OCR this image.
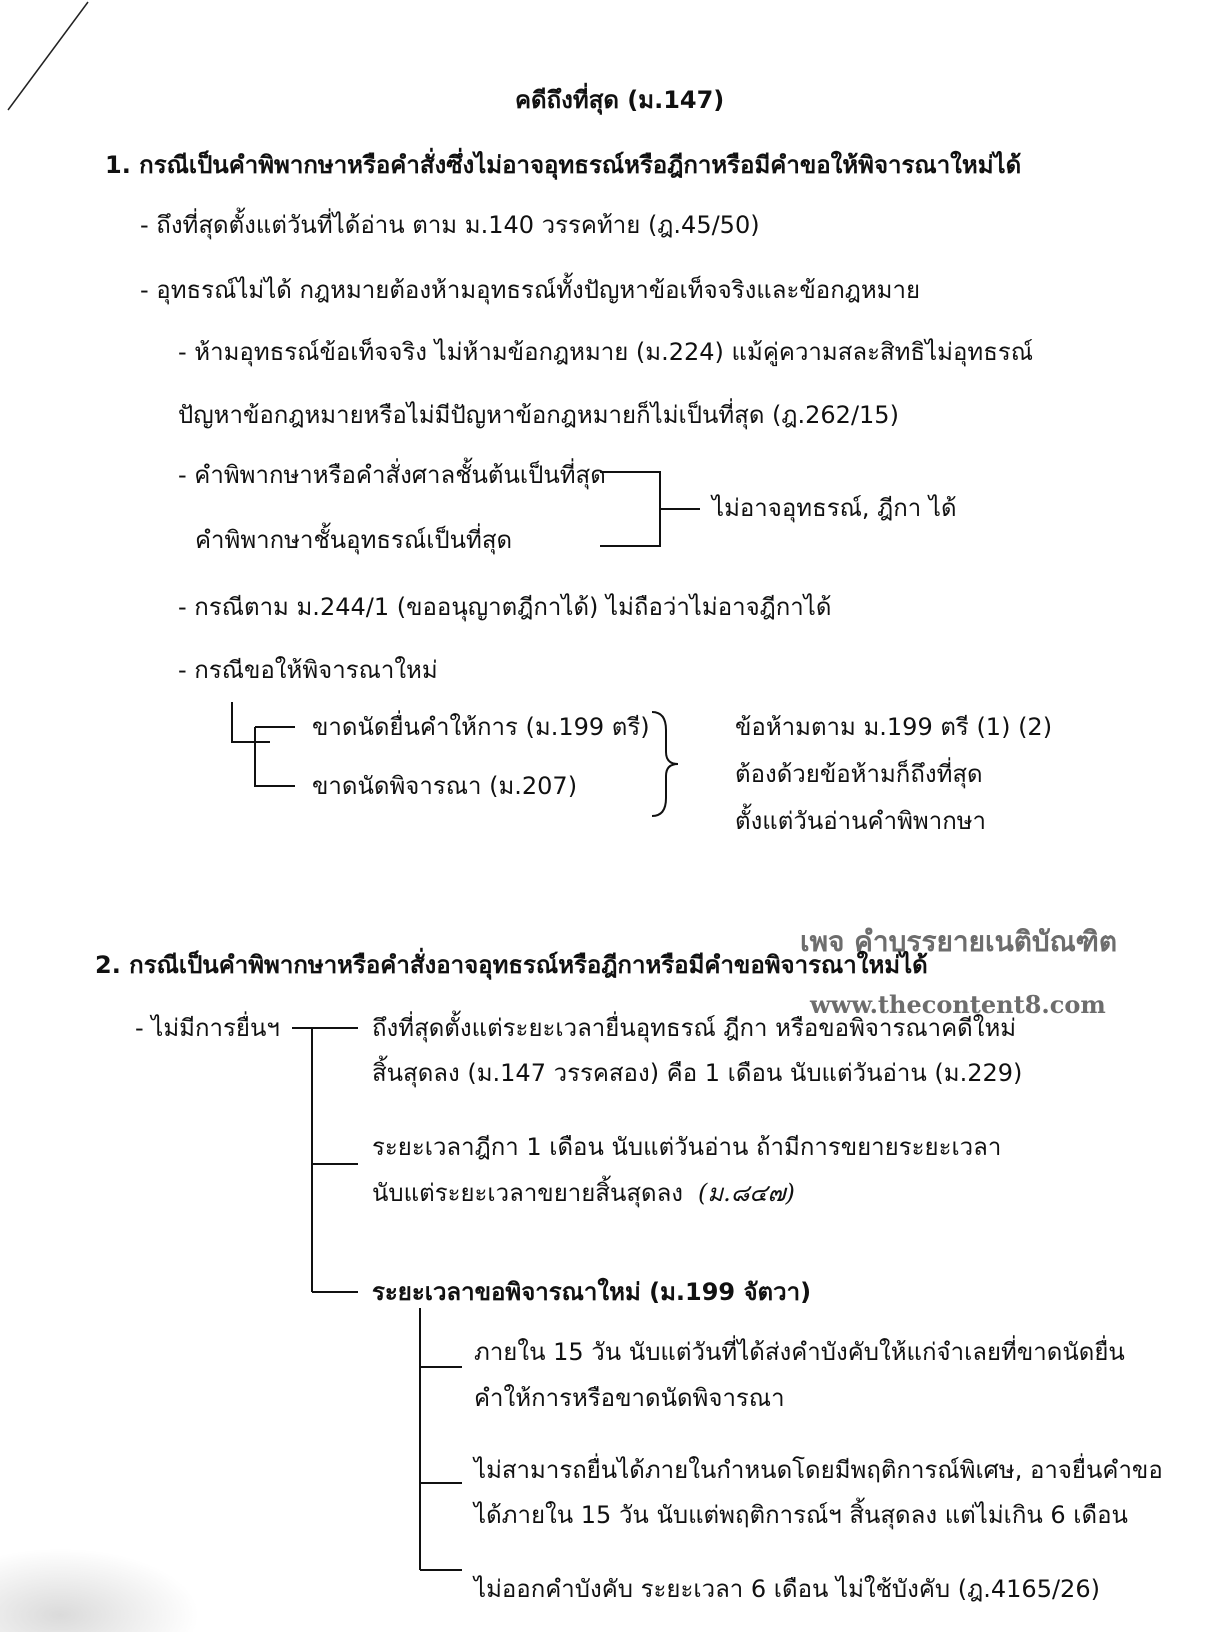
คดีถึงที่สุด (ม.147)
1. กรณีเป็นคำพิพากษาหรือคำสั่งซึ่งไม่อาจอุทธรณ์หรือฎีกาหรือมีคำขอให้พิจารณาใหม่ได้
- ถึงที่สุดตั้งแต่วันที่ได้อ่าน ตาม ม.140 วรรคท้าย (ฎ.45/50)
- อุทธรณ์ไม่ได้ กฎหมายต้องห้ามอุทธรณ์ทั้งปัญหาข้อเท็จจริงและข้อกฎหมาย
- ห้ามอุทธรณ์ข้อเท็จจริง ไม่ห้ามข้อกฎหมาย (ม.224) แม้คู่ความสละสิทธิไม่อุทธรณ์
ปัญหาข้อกฎหมายหรือไม่มีปัญหาข้อกฎหมายก็ไม่เป็นที่สุด (ฎ.262/15)
- คำพิพากษาหรือคำสั่งศาลชั้นต้นเป็นที่สุด
คำพิพากษาชั้นอุทธรณ์เป็นที่สุด
ไม่อาจอุทธรณ์, ฎีกา ได้
- กรณีตาม ม.244/1 (ขออนุญาตฎีกาได้) ไม่ถือว่าไม่อาจฎีกาได้
- กรณีขอให้พิจารณาใหม่
ขาดนัดยื่นคำให้การ (ม.199 ตรี)
ขาดนัดพิจารณา (ม.207)
ข้อห้ามตาม ม.199 ตรี (1) (2)
ต้องด้วยข้อห้ามก็ถึงที่สุด
ตั้งแต่วันอ่านคำพิพากษา
เพจ คำบรรยายเนติบัณฑิต
2. กรณีเป็นคำพิพากษาหรือคำสั่งอาจอุทธรณ์หรือฎีกาหรือมีคำขอพิจารณาใหม่ได้
www.thecontent8.com
- ไม่มีการยื่นฯ	ถึงที่สุดตั้งแต่ระยะเวลายื่นอุทธรณ์ ฎีกา หรือขอพิจารณาคดีใหม่
สิ้นสุดลง (ม.147 วรรคสอง) คือ 1 เดือน นับแต่วันอ่าน (ม.229)
ระยะเวลาฎีกา 1 เดือน นับแต่วันอ่าน ถ้ามีการขยายระยะเวลา
นับแต่ระยะเวลาขยายสิ้นสุดลง (ม.๘๔๗)
ระยะเวลาขอพิจารณาใหม่ (ม.199 จัตวา)
ภายใน 15 วัน นับแต่วันที่ได้ส่งคำบังคับให้แก่จำเลยที่ขาดนัดยื่น
คำให้การหรือขาดนัดพิจารณา
ไม่สามารถยื่นได้ภายในกำหนดโดยมีพฤติการณ์พิเศษ, อาจยื่นคำขอ
ได้ภายใน 15 วัน นับแต่พฤติการณ์ฯ สิ้นสุดลง แต่ไม่เกิน 6 เดือน
ไม่ออกคำบังคับ ระยะเวลา 6 เดือน ไม่ใช้บังคับ (ฎ.4165/26)
